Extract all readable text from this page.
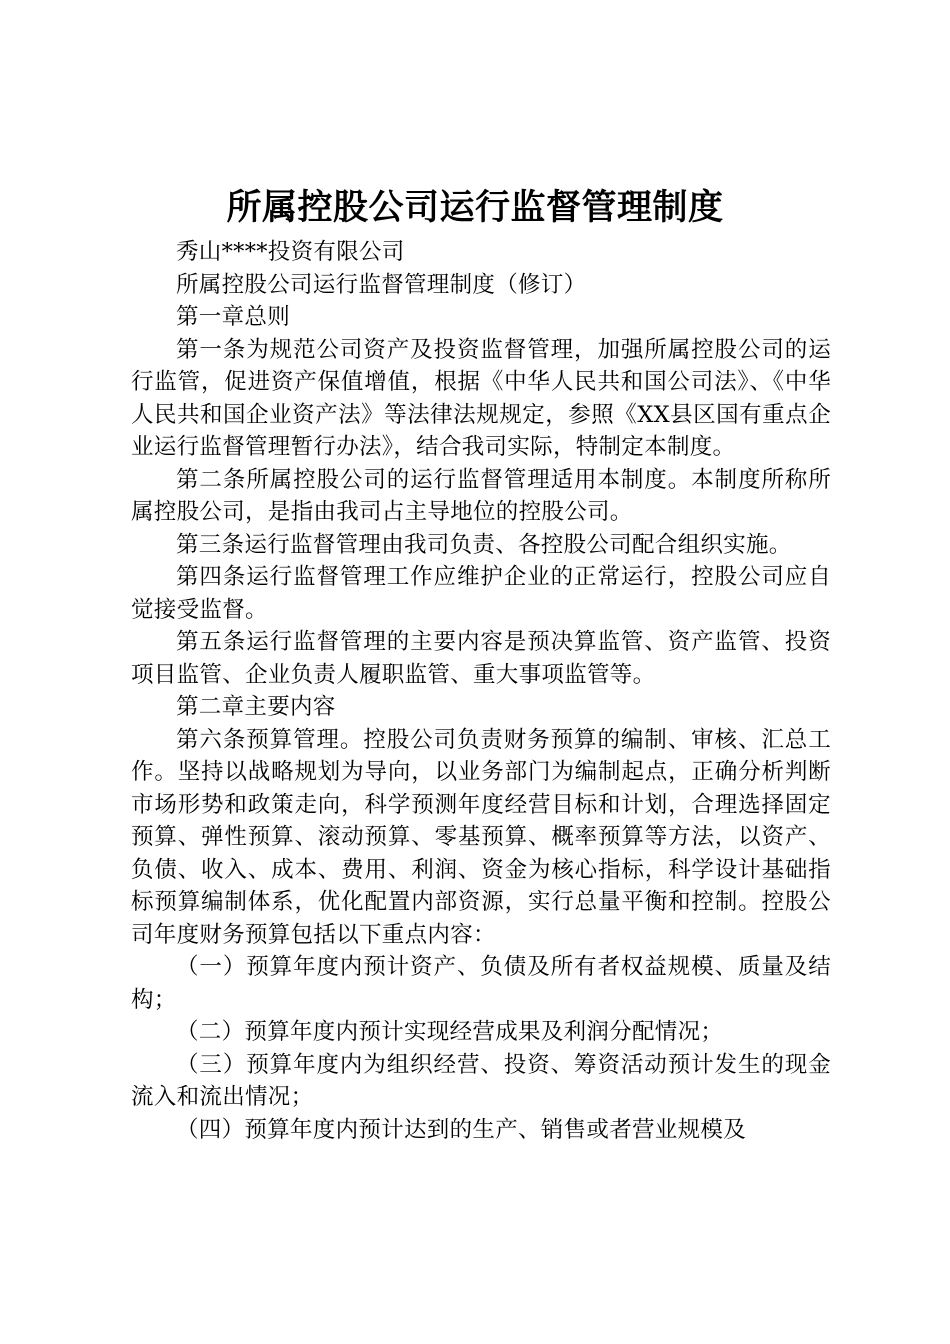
所属控股公司运行监督管理制度

秀山****投资有限公司

所属控股公司运行监督管理制度（修订）

第一章总则

第一条为规范公司资产及投资监督管理，加强所属控股公司的运行监管，促进资产保值增值，根据《中华人民共和国公司法》、《中华人民共和国企业资产法》等法律法规规定，参照《XX县区国有重点企业运行监督管理暂行办法》，结合我司实际，特制定本制度。

第二条所属控股公司的运行监督管理适用本制度。本制度所称所属控股公司，是指由我司占主导地位的控股公司。

第三条运行监督管理由我司负责、各控股公司配合组织实施。

第四条运行监督管理工作应维护企业的正常运行，控股公司应自觉接受监督。

第五条运行监督管理的主要内容是预决算监管、资产监管、投资项目监管、企业负责人履职监管、重大事项监管等。

第二章主要内容

第六条预算管理。控股公司负责财务预算的编制、审核、汇总工作。坚持以战略规划为导向，以业务部门为编制起点，正确分析判断市场形势和政策走向，科学预测年度经营目标和计划，合理选择固定预算、弹性预算、滚动预算、零基预算、概率预算等方法，以资产、负债、收入、成本、费用、利润、资金为核心指标，科学设计基础指标预算编制体系，优化配置内部资源，实行总量平衡和控制。控股公司年度财务预算包括以下重点内容：

（一）预算年度内预计资产、负债及所有者权益规模、质量及结构；

（二）预算年度内预计实现经营成果及利润分配情况；

（三）预算年度内为组织经营、投资、筹资活动预计发生的现金流入和流出情况；

（四）预算年度内预计达到的生产、销售或者营业规模及
